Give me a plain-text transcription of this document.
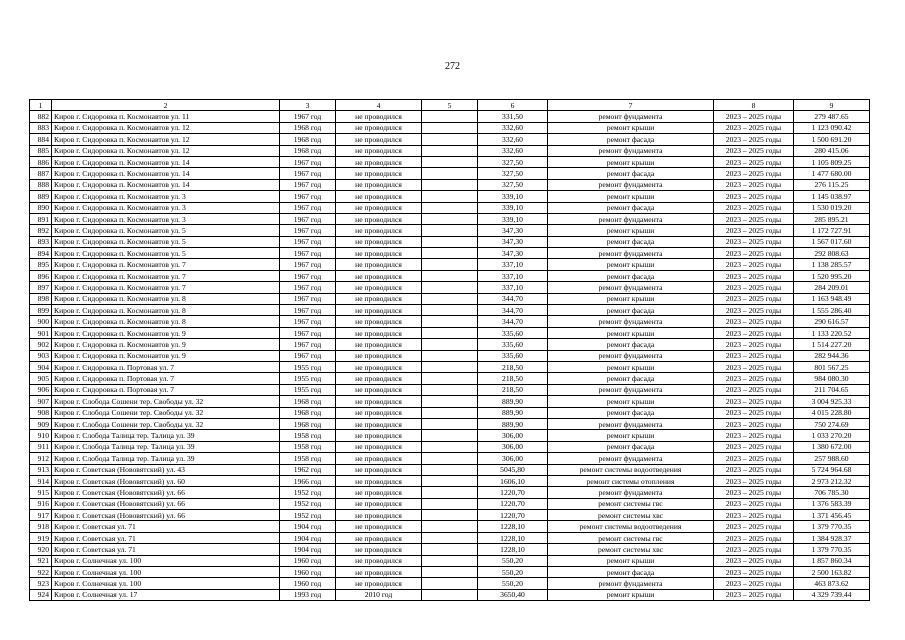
272
1	2	3	4	5	6	7	8	9
882	Киров г. Сидоровка п. Космонавтов ул. 11	1967 год	не проводился		331,50	ремонт фундамента	2023 – 2025 годы	279 487.65
883	Киров г. Сидоровка п. Космонавтов ул. 12	1968 год	не проводился		332,60	ремонт крыши	2023 – 2025 годы	1 123 090.42
884	Киров г. Сидоровка п. Космонавтов ул. 12	1968 год	не проводился		332,60	ремонт фасада	2023 – 2025 годы	1 500 691.20
885	Киров г. Сидоровка п. Космонавтов ул. 12	1968 год	не проводился		332,60	ремонт фундамента	2023 – 2025 годы	280 415.06
886	Киров г. Сидоровка п. Космонавтов ул. 14	1967 год	не проводился		327,50	ремонт крыши	2023 – 2025 годы	1 105 809.25
887	Киров г. Сидоровка п. Космонавтов ул. 14	1967 год	не проводился		327,50	ремонт фасада	2023 – 2025 годы	1 477 680.00
888	Киров г. Сидоровка п. Космонавтов ул. 14	1967 год	не проводился		327,50	ремонт фундамента	2023 – 2025 годы	276 115.25
889	Киров г. Сидоровка п. Космонавтов ул. 3	1967 год	не проводился		339,10	ремонт крыши	2023 – 2025 годы	1 145 038.97
890	Киров г. Сидоровка п. Космонавтов ул. 3	1967 год	не проводился		339,10	ремонт фасада	2023 – 2025 годы	1 530 019.20
891	Киров г. Сидоровка п. Космонавтов ул. 3	1967 год	не проводился		339,10	ремонт фундамента	2023 – 2025 годы	285 895.21
892	Киров г. Сидоровка п. Космонавтов ул. 5	1967 год	не проводился		347,30	ремонт крыши	2023 – 2025 годы	1 172 727.91
893	Киров г. Сидоровка п. Космонавтов ул. 5	1967 год	не проводился		347,30	ремонт фасада	2023 – 2025 годы	1 567 017.60
894	Киров г. Сидоровка п. Космонавтов ул. 5	1967 год	не проводился		347,30	ремонт фундамента	2023 – 2025 годы	292 808.63
895	Киров г. Сидоровка п. Космонавтов ул. 7	1967 год	не проводился		337,10	ремонт крыши	2023 – 2025 годы	1 138 285.57
896	Киров г. Сидоровка п. Космонавтов ул. 7	1967 год	не проводился		337,10	ремонт фасада	2023 – 2025 годы	1 520 995.20
897	Киров г. Сидоровка п. Космонавтов ул. 7	1967 год	не проводился		337,10	ремонт фундамента	2023 – 2025 годы	284 209.01
898	Киров г. Сидоровка п. Космонавтов ул. 8	1967 год	не проводился		344,70	ремонт крыши	2023 – 2025 годы	1 163 948.49
899	Киров г. Сидоровка п. Космонавтов ул. 8	1967 год	не проводился		344,70	ремонт фасада	2023 – 2025 годы	1 555 286.40
900	Киров г. Сидоровка п. Космонавтов ул. 8	1967 год	не проводился		344,70	ремонт фундамента	2023 – 2025 годы	290 616.57
901	Киров г. Сидоровка п. Космонавтов ул. 9	1967 год	не проводился		335,60	ремонт крыши	2023 – 2025 годы	1 133 220.52
902	Киров г. Сидоровка п. Космонавтов ул. 9	1967 год	не проводился		335,60	ремонт фасада	2023 – 2025 годы	1 514 227.20
903	Киров г. Сидоровка п. Космонавтов ул. 9	1967 год	не проводился		335,60	ремонт фундамента	2023 – 2025 годы	282 944.36
904	Киров г. Сидоровка п. Портовая ул. 7	1955 год	не проводился		218,50	ремонт крыши	2023 – 2025 годы	801 567.25
905	Киров г. Сидоровка п. Портовая ул. 7	1955 год	не проводился		218,50	ремонт фасада	2023 – 2025 годы	984 080.30
906	Киров г. Сидоровка п. Портовая ул. 7	1955 год	не проводился		218,50	ремонт фундамента	2023 – 2025 годы	211 704.65
907	Киров г. Слобода Сошени тер. Свободы ул. 32	1968 год	не проводился		889,90	ремонт крыши	2023 – 2025 годы	3 004 925.33
908	Киров г. Слобода Сошени тер. Свободы ул. 32	1968 год	не проводился		889,90	ремонт фасада	2023 – 2025 годы	4 015 228.80
909	Киров г. Слобода Сошени тер. Свободы ул. 32	1968 год	не проводился		889,90	ремонт фундамента	2023 – 2025 годы	750 274.69
910	Киров г. Слобода Талица тер. Талица ул. 39	1958 год	не проводился		306,00	ремонт крыши	2023 – 2025 годы	1 033 270.20
911	Киров г. Слобода Талица тер. Талица ул. 39	1958 год	не проводился		306,00	ремонт фасада	2023 – 2025 годы	1 380 672.00
912	Киров г. Слобода Талица тер. Талица ул. 39	1958 год	не проводился		306,00	ремонт фундамента	2023 – 2025 годы	257 988.60
913	Киров г. Советская (Нововятский) ул. 43	1962 год	не проводился		5045,80	ремонт системы водоотведения	2023 – 2025 годы	5 724 964.68
914	Киров г. Советская (Нововятский) ул. 60	1966 год	не проводился		1606,10	ремонт системы отопления	2023 – 2025 годы	2 973 212.32
915	Киров г. Советская (Нововятский) ул. 66	1952 год	не проводился		1220,70	ремонт фундамента	2023 – 2025 годы	706 785.30
916	Киров г. Советская (Нововятский) ул. 66	1952 год	не проводился		1220,70	ремонт системы гвс	2023 – 2025 годы	1 376 583.39
917	Киров г. Советская (Нововятский) ул. 66	1952 год	не проводился		1220,70	ремонт системы хвс	2023 – 2025 годы	1 371 456.45
918	Киров г. Советская ул. 71	1904 год	не проводился		1228,10	ремонт системы водоотведения	2023 – 2025 годы	1 379 770.35
919	Киров г. Советская ул. 71	1904 год	не проводился		1228,10	ремонт системы гвс	2023 – 2025 годы	1 384 928.37
920	Киров г. Советская ул. 71	1904 год	не проводился		1228,10	ремонт системы хвс	2023 – 2025 годы	1 379 770.35
921	Киров г. Солнечная ул. 100	1960 год	не проводился		550,20	ремонт крыши	2023 – 2025 годы	1 857 860.34
922	Киров г. Солнечная ул. 100	1960 год	не проводился		550,20	ремонт фасада	2023 – 2025 годы	2 500 163.82
923	Киров г. Солнечная ул. 100	1960 год	не проводился		550,20	ремонт фундамента	2023 – 2025 годы	463 873.62
924	Киров г. Солнечная ул. 17	1993 год	2010 год		3650,40	ремонт крыши	2023 – 2025 годы	4 329 739.44
